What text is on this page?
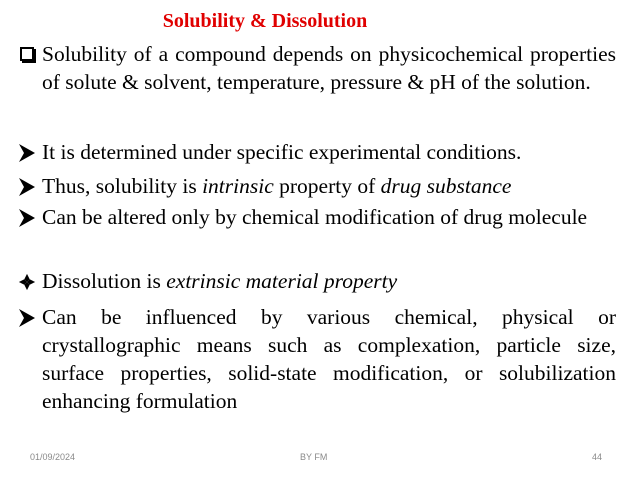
Solubility & Dissolution
Solubility of a compound depends on physicochemical properties of solute & solvent, temperature, pressure & pH of the solution.
It is determined under specific experimental conditions.
Thus, solubility is intrinsic property of drug substance
Can be altered only by chemical modification of drug molecule
Dissolution is extrinsic material property
Can be influenced by various chemical, physical or crystallographic means such as complexation, particle size, surface properties, solid-state modification, or solubilization enhancing formulation
01/09/2024	BY FM	44
